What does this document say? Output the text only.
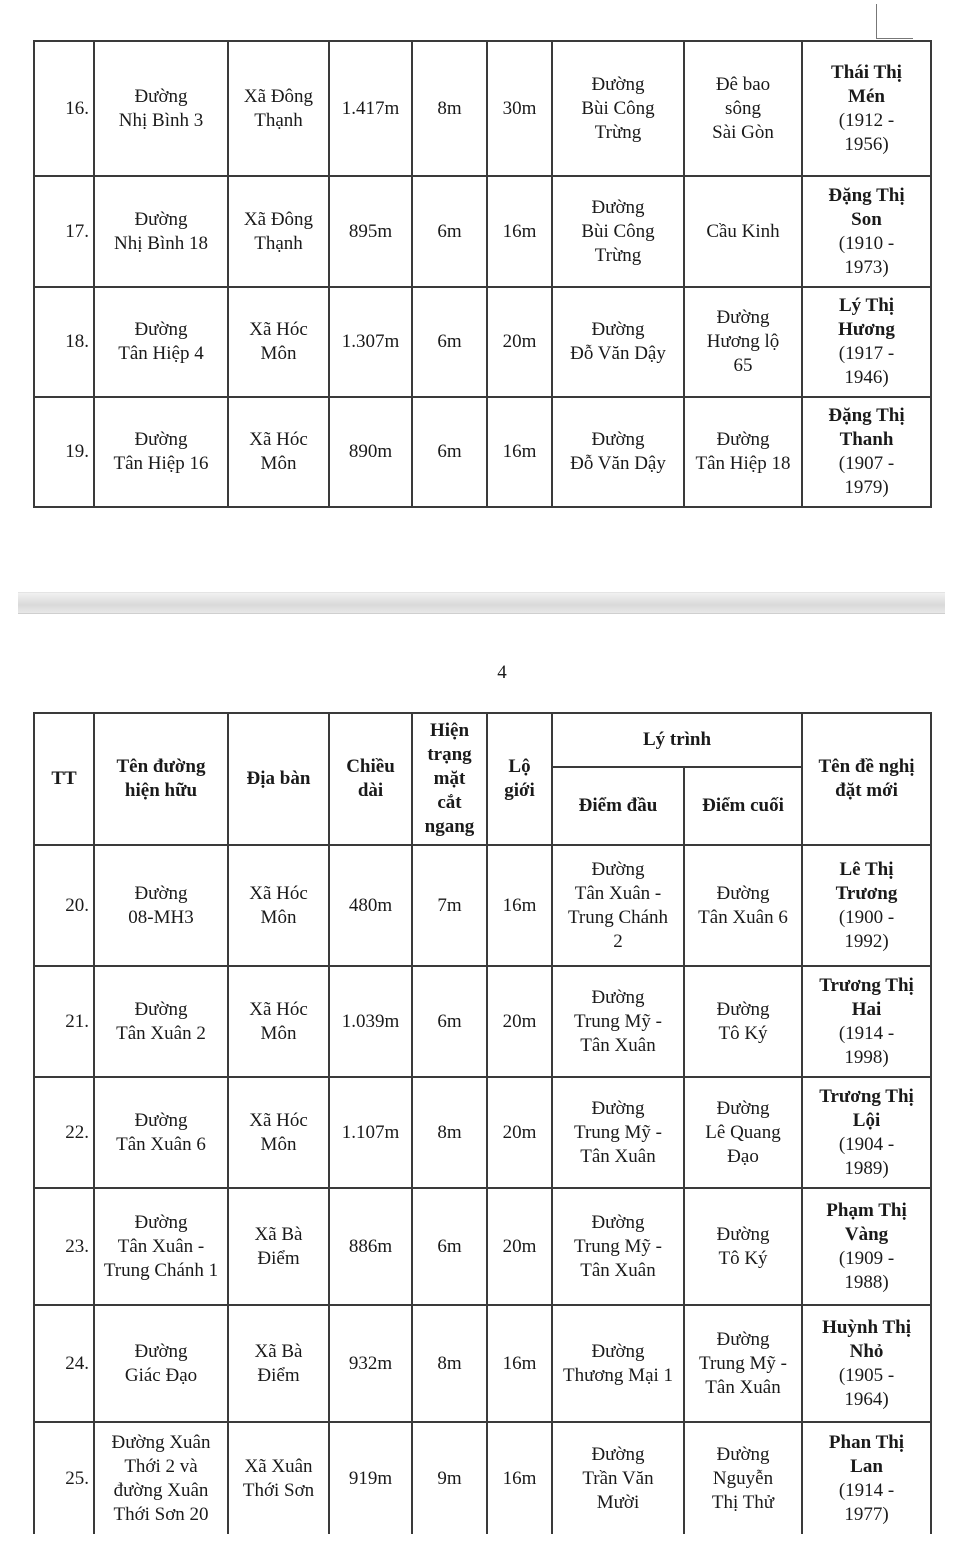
16.	Đường
Nhị Bình 3	Xã Đông
Thạnh	1.417m	8m	30m	Đường
Bùi Công
Trừng	Đê bao
sông
Sài Gòn	Thái Thị
Mén
(1912 -
1956)

17.	Đường
Nhị Bình 18	Xã Đông
Thạnh	895m	6m	16m	Đường
Bùi Công
Trừng	Cầu Kinh	Đặng Thị
Son
(1910 -
1973)

18.	Đường
Tân Hiệp 4	Xã Hóc
Môn	1.307m	6m	20m	Đường
Đỗ Văn Dậy	Đường
Hương lộ
65	Lý Thị
Hương
(1917 -
1946)

19.	Đường
Tân Hiệp 16	Xã Hóc
Môn	890m	6m	16m	Đường
Đỗ Văn Dậy	Đường
Tân Hiệp 18	Đặng Thị
Thanh
(1907 -
1979)
4
TT	Tên đường
hiện hữu	Địa bàn	Chiều
dài	Hiện
trạng
mặt
cắt
ngang	Lộ
giới	Lý trình		Tên đề nghị
đặt mới

						Điểm đầu	Điểm cuối	
20.	Đường
08-MH3	Xã Hóc
Môn	480m	7m	16m	Đường
Tân Xuân -
Trung Chánh
2	Đường
Tân Xuân 6	Lê Thị
Trương
(1900 -
1992)

21.	Đường
Tân Xuân 2	Xã Hóc
Môn	1.039m	6m	20m	Đường
Trung Mỹ -
Tân Xuân	Đường
Tô Ký	Trương Thị
Hai
(1914 -
1998)

22.	Đường
Tân Xuân 6	Xã Hóc
Môn	1.107m	8m	20m	Đường
Trung Mỹ -
Tân Xuân	Đường
Lê Quang
Đạo	Trương Thị
Lội
(1904 -
1989)

23.	Đường
Tân Xuân -
Trung Chánh 1	Xã Bà
Điểm	886m	6m	20m	Đường
Trung Mỹ -
Tân Xuân	Đường
Tô Ký	Phạm Thị
Vàng
(1909 -
1988)

24.	Đường
Giác Đạo	Xã Bà
Điểm	932m	8m	16m	Đường
Thương Mại 1	Đường
Trung Mỹ -
Tân Xuân	Huỳnh Thị
Nhỏ
(1905 -
1964)

25.	Đường Xuân
Thới 2 và
đường Xuân
Thới Sơn 20	Xã Xuân
Thới Sơn	919m	9m	16m	Đường
Trần Văn
Mười	Đường
Nguyễn
Thị Thử	Phan Thị
Lan
(1914 -
1977)
